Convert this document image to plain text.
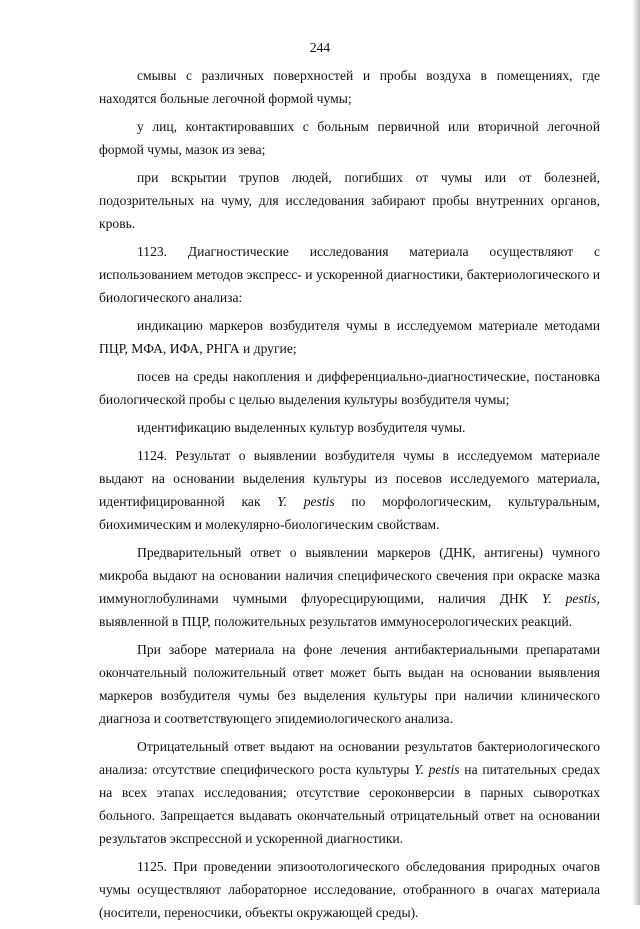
244

смывы с различных поверхностей и пробы воздуха в помещениях, где находятся больные легочной формой чумы;

у лиц, контактировавших с больным первичной или вторичной легочной формой чумы, мазок из зева;

при вскрытии трупов людей, погибших от чумы или от болезней, подозрительных на чуму, для исследования забирают пробы внутренних органов, кровь.

1123. Диагностические исследования материала осуществляют с использованием методов экспресс- и ускоренной диагностики, бактериологического и биологического анализа:

индикацию маркеров возбудителя чумы в исследуемом материале методами ПЦР, МФА, ИФА, РНГА и другие;

посев на среды накопления и дифференциально-диагностические, постановка биологической пробы с целью выделения культуры возбудителя чумы;

идентификацию выделенных культур возбудителя чумы.

1124. Результат о выявлении возбудителя чумы в исследуемом материале выдают на основании выделения культуры из посевов исследуемого материала, идентифицированной как Y. pestis по морфологическим, культуральным, биохимическим и молекулярно-биологическим свойствам.

Предварительный ответ о выявлении маркеров (ДНК, антигены) чумного микроба выдают на основании наличия специфического свечения при окраске мазка иммуноглобулинами чумными флуоресцирующими, наличия ДНК Y. pestis, выявленной в ПЦР, положительных результатов иммуносерологических реакций.

При заборе материала на фоне лечения антибактериальными препаратами окончательный положительный ответ может быть выдан на основании выявления маркеров возбудителя чумы без выделения культуры при наличии клинического диагноза и соответствующего эпидемиологического анализа.

Отрицательный ответ выдают на основании результатов бактериологического анализа: отсутствие специфического роста культуры Y. pestis на питательных средах на всех этапах исследования; отсутствие сероконверсии в парных сыворотках больного. Запрещается выдавать окончательный отрицательный ответ на основании результатов экспрессной и ускоренной диагностики.

1125. При проведении эпизоотологического обследования природных очагов чумы осуществляют лабораторное исследование, отобранного в очагах материала (носители, переносчики, объекты окружающей среды).
